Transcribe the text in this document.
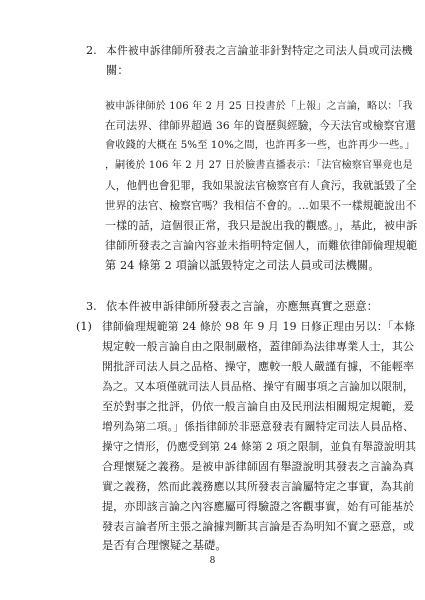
2. 本件被申訴律師所發表之言論並非針對特定之司法人員或司法機
關：
被申訴律師於 106 年 2 月 25 日投書於「上報」之言論，略以：「我
在司法界、律師界超過 36 年的資歷與經驗，今天法官或檢察官還
會收錢的大概在 5%至 10%之間，也許再多一些，也許再少一些。」
，嗣後於 106 年 2 月 27 日於臉書直播表示：「法官檢察官畢竟也是
人，他們也會犯罪，我如果說法官檢察官有人貪污，我就詆毀了全
世界的法官、檢察官嗎？我相信不會的。...如果不一樣規範說出不
一樣的話，這個很正常，我只是說出我的觀感。」，基此，被申訴
律師所發表之言論內容並未指明特定個人，而難依律師倫理規範
第 24 條第 2 項論以詆毀特定之司法人員或司法機關。
3. 依本件被申訴律師所發表之言論，亦應無真實之惡意：
(1) 律師倫理規範第 24 條於 98 年 9 月 19 日修正理由另以：「本條
規定較一般言論自由之限制嚴格，蓋律師為法律專業人士，其公
開批評司法人員之品格、操守，應較一般人嚴謹有據，不能輕率
為之。又本項僅就司法人員品格、操守有關事項之言論加以限制，
至於對事之批評，仍依一般言論自由及民刑法相關規定規範，爰
增列為第二項。」係指律師於非惡意發表有關特定司法人員品格、
操守之情形，仍應受到第 24 條第 2 項之限制，並負有舉證說明其
合理懷疑之義務。是被申訴律師固有舉證說明其發表之言論為真
實之義務，然而此義務應以其所發表言論屬特定之事實，為其前
提，亦即該言論之內容應屬可得驗證之客觀事實，始有可能基於
發表言論者所主張之論據判斷其言論是否為明知不實之惡意，或
是否有合理懷疑之基礎。
8
